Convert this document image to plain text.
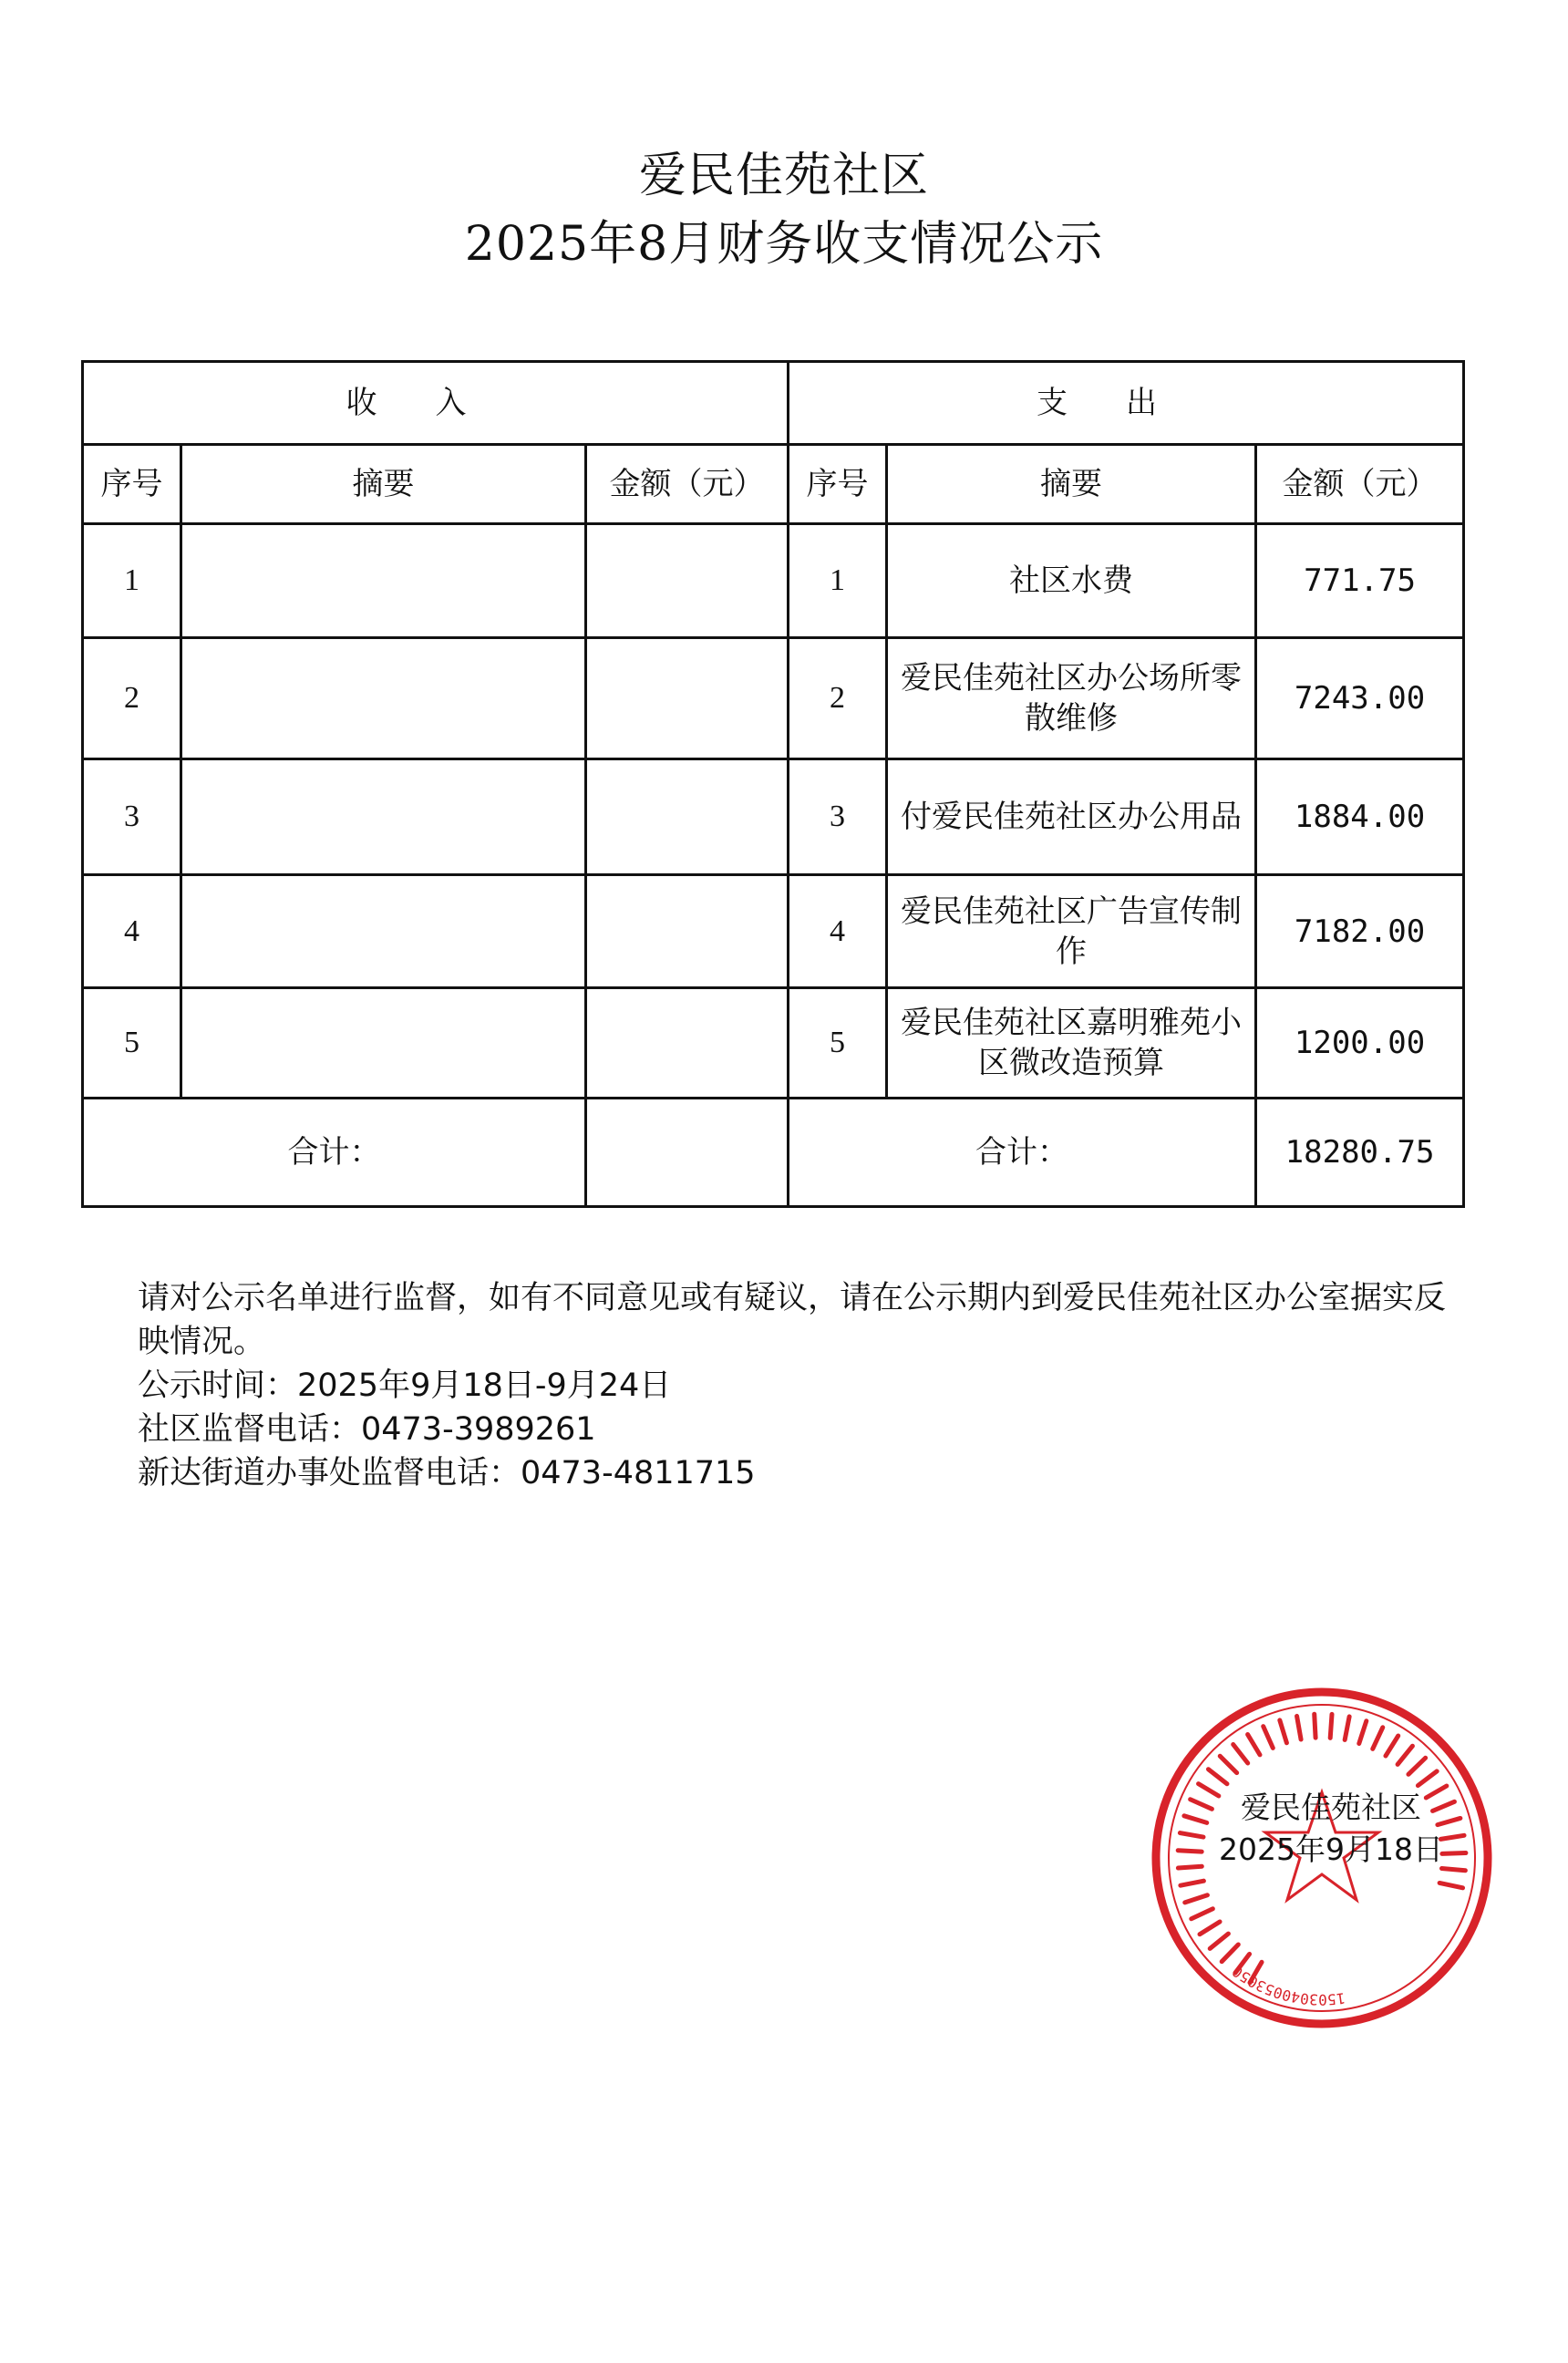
爱民佳苑社区
2025年8月财务收支情况公示
收入			支出		
序号	摘要	金额（元）	序号	摘要	金额（元）
1			1	社区水费	771.75
2			2	爱民佳苑社区办公场所零散维修	7243.00
3			3	付爱民佳苑社区办公用品	1884.00
4			4	爱民佳苑社区广告宣传制作	7182.00
5			5	爱民佳苑社区嘉明雅苑小区微改造预算	1200.00
合计：			合计：		18280.75

请对公示名单进行监督，如有不同意见或有疑议，请在公示期内到爱民佳苑社区办公室据实反映情况。

公示时间：2025年9月18日-9月24日

社区监督电话：0473-3989261

新达街道办事处监督电话：0473-4811715

1503040053050
爱民佳苑社区
2025年9月18日
